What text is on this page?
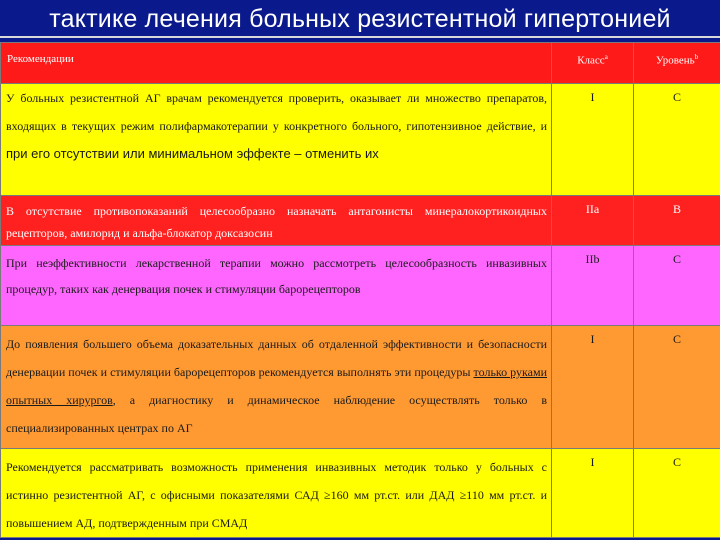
тактике лечения больных резистентной гипертонией
Рекомендации	Класс$^a$	Уровень$^b$

У больных резистентной АГ врачам рекомендуется проверить, оказывает ли множество препаратов, входящих в текущих режим полифармакотерапии у конкретного больного, гипотензивное действие, и при его отсутствии или минимальном эффекте – отменить их	I	C

В отсутствие противопоказаний целесообразно назначать антагонисты минералокортикоидных рецепторов, амилорид и альфа-блокатор доксазосин	IIa	B

При неэффективности лекарственной терапии можно рассмотреть целесообразность инвазивных процедур, таких как денервация почек и стимуляции барорецепторов	IIb	C

До появления большего объема доказательных данных об отдаленной эффективности и безопасности денервации почек и стимуляции барорецепторов рекомендуется выполнять эти процедуры только руками опытных хирургов, а диагностику и динамическое наблюдение осуществлять только в специализированных центрах по АГ	I	C

Рекомендуется рассматривать возможность применения инвазивных методик только у больных с истинно резистентной АГ, с офисными показателями САД ≥160 мм рт.ст. или ДАД ≥110 мм рт.ст. и повышением АД, подтвержденным при СМАД	I	C
